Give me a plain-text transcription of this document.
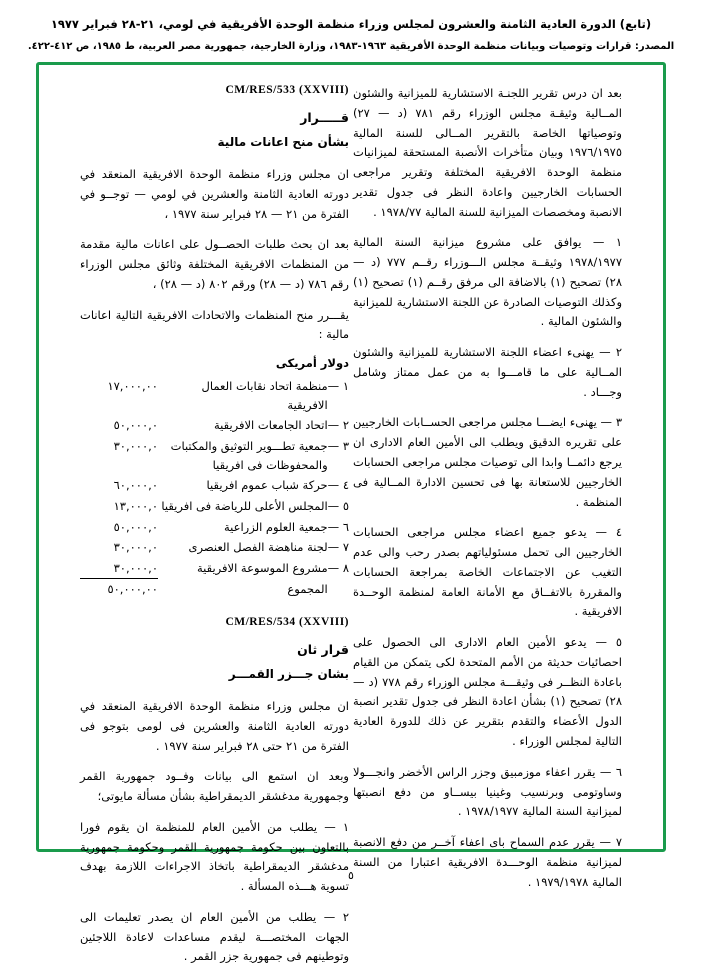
(تابع) الدورة العادية الثامنة والعشرون لمجلس وزراء منظمة الوحدة الأفريقية في لومي، ٢١-٢٨ فبراير ١٩٧٧
المصدر: قرارات وتوصيات وبيانات منظمة الوحدة الأفريقية ١٩٦٣-١٩٨٣، وزارة الخارجية، جمهورية مصر العربية، ط ١٩٨٥، ص ٤١٢-٤٢٢.
CM/RES/533 (XXVIII)
قـــــرار
بشأن منح اعانات مالية

ان مجلس وزراء منظمة الوحدة الافريقية المنعقد في دورته العادية الثامنة والعشرين في لومي — توجــو في الفترة من ٢١ — ٢٨ فبراير سنة ١٩٧٧ ،

بعد ان بحث طلبات الحصــول على اعانات مالية مقدمة من المنظمات الافريقية المختلفة وثائق مجلس الوزراء رقم ٧٨٦ (د — ٢٨) ورقم ٨٠٢ (د — ٢٨) ،

يقـــرر منح المنظمات والاتحادات الافريقية التالية اعانات مالية :

دولار أمريكى
١ —	منظمة اتحاد نقابات العمال الافريقية	١٧,٠٠٠,٠٠
٢ —	اتحاد الجامعات الافريقية	٥٠,٠٠٠,٠
٣ —	جمعية تطـــوير التوثيق والمكتبات والمحفوظات فى افريقيا	٣٠,٠٠٠,٠
٤ —	حركة شباب عموم افريقيا	٦٠,٠٠٠,٠
٥ —	المجلس الأعلى للرياضة فى افريقيا	١٣,٠٠٠,٠
٦ —	جمعية العلوم الزراعية	٥٠,٠٠٠,٠
٧ —	لجنة مناهضة الفصل العنصرى	٣٠,٠٠٠,٠
٨ —	مشروع الموسوعة الافريقية	٣٠,٠٠٠,٠
	المجموع	٥٠,٠٠٠,٠٠
CM/RES/534 (XXVIII)
قرار ثان
بشان جـــزر القمـــر

ان مجلس وزراء منظمة الوحدة الافريقية المنعقد في دورته العادية الثامنة والعشرين فى لومى بتوجو فى الفترة من ٢١ حتى ٢٨ فبراير سنة ١٩٧٧ .

وبعد ان استمع الى بيانات وفــود جمهورية القمر وجمهورية مدغشقر الديمقراطية بشأن مسألة مايوتى؛

١ — يطلب من الأمين العام للمنظمة ان يقوم فورا بالتعاون بين حكومة جمهورية القمر وحكومة جمهورية مدغشقر الديمقراطية باتخاذ الاجراءات اللازمة بهدف تسوية هـــذه المسألة .

٢ — يطلب من الأمين العام ان يصدر تعليمات الى الجهات المختصـــة ليقدم مساعدات لاعادة اللاجئين وتوطينهم فى جمهورية جزر القمر .

بعد ان درس تقرير اللجنـة الاستشارية للميزانية والشئون المــالية وثيقـة مجلس الوزراء رقم ٧٨١ (د — ٢٧) وتوصياتها الخاصة بالتقرير المــالى للسنة المالية ١٩٧٦/١٩٧٥ وبيان متأخرات الأنصبة المستحقة لميزانيات منظمة الوحدة الافريقية المختلفة وتقرير مراجعى الحسابات الخارجيين واعادة النظر فى جدول تقدير الانصبة ومخصصات الميزانية للسنة المالية ١٩٧٨/٧٧ .

١ — يوافق على مشروع ميزانية السنة المالية ١٩٧٨/١٩٧٧ وثيقــة مجلس الـــوزراء رقــم ٧٧٧ (د — ٢٨) تصحيح (١) بالاضافة الى مرفق رقــم (١) تصحيح (١) وكذلك التوصيات الصادرة عن اللجنة الاستشارية للميزانية والشئون المالية .

٢ — يهنىء اعضاء اللجنة الاستشارية للميزانية والشئون المــالية على ما قامـــوا به من عمل ممتاز وشامل وجـــاد .

٣ — يهنىء ايضـــا مجلس مراجعى الحســابات الخارجيين على تقريره الدقيق ويطلب الى الأمين العام الادارى ان يرجع دائمــا وابدا الى توصيات مجلس مراجعى الحسابات الخارجيين للاستعانة بها فى تحسين الادارة المــالية فى المنظمة .

٤ — يدعو جميع اعضاء مجلس مراجعى الحسابات الخارجيين الى تحمل مسئولياتهم بصدر رحب والى عدم التغيب عن الاجتماعات الخاصة بمراجعة الحسابات والمقررة بالاتفــاق مع الأمانة العامة لمنظمة الوحــدة الافريقية .

٥ — يدعو الأمين العام الادارى الى الحصول على احصائيات حديثة من الأمم المتحدة لكى يتمكن من القيام باعادة النظــر فى وثيقـــة مجلس الوزراء رقم ٧٧٨ (د — ٢٨) تصحيح (١) بشأن اعادة النظر فى جدول تقدير انصبة الدول الأعضاء والتقدم بتقرير عن ذلك للدورة العادية التالية لمجلس الوزراء .

٦ — يقرر اعفاء موزمبيق وجزر الراس الأخضر وانجـــولا وساوتومى وبرنسيب وغينيا بيســاو من دفع انصبتها لميزانية السنة المالية ١٩٧٨/١٩٧٧ .

٧ — يقرر عدم السماح باى اعفاء آخــر من دفع الانصبة لميزانية منظمة الوحـــدة الافريقية اعتبارا من السنة المالية ١٩٧٩/١٩٧٨ .

٥
